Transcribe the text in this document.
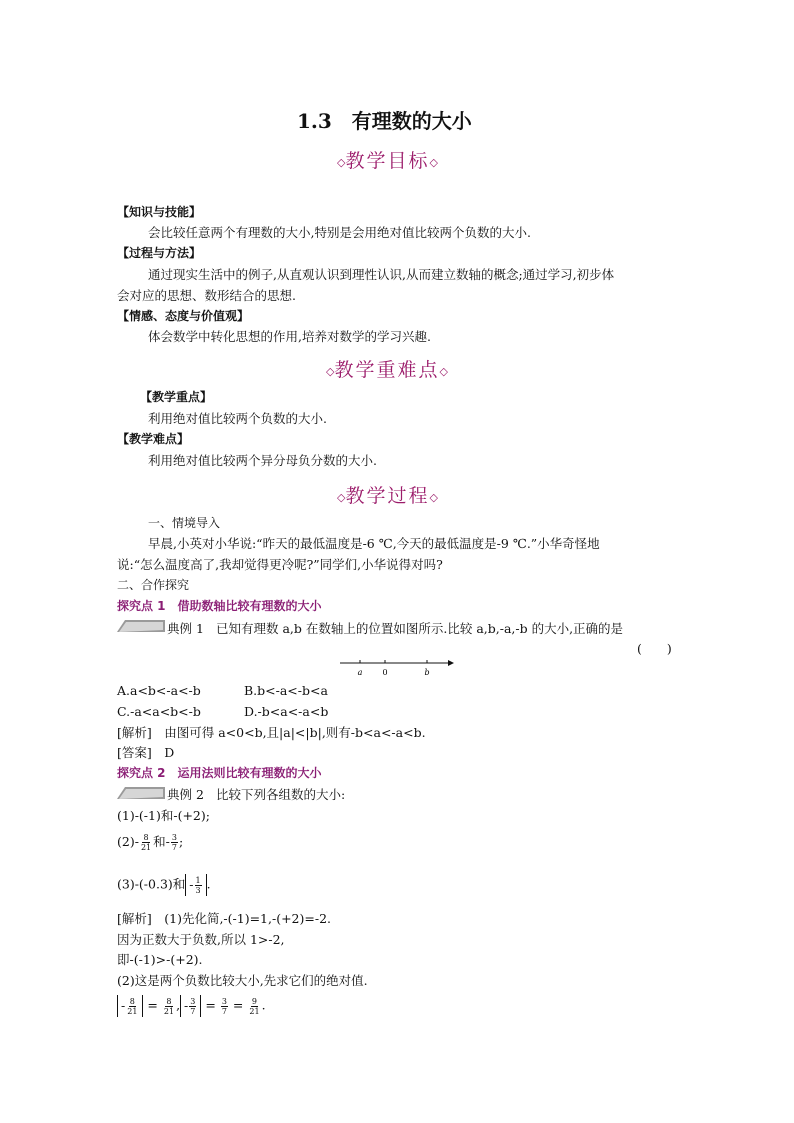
1.3　有理数的大小
◇教学目标◇
【知识与技能】
会比较任意两个有理数的大小,特别是会用绝对值比较两个负数的大小.
【过程与方法】
通过现实生活中的例子,从直观认识到理性认识,从而建立数轴的概念;通过学习,初步体
会对应的思想、数形结合的思想.
【情感、态度与价值观】
体会数学中转化思想的作用,培养对数学的学习兴趣.
◇教学重难点◇
【教学重点】
利用绝对值比较两个负数的大小.
【教学难点】
利用绝对值比较两个异分母负分数的大小.
◇教学过程◇
一、情境导入
早晨,小英对小华说:“昨天的最低温度是-6 ℃,今天的最低温度是-9 ℃.”小华奇怪地
说:“怎么温度高了,我却觉得更冷呢?”同学们,小华说得对吗?
二、合作探究
探究点 1　借助数轴比较有理数的大小
典例 1 已知有理数 a,b 在数轴上的位置如图所示.比较 a,b,-a,-b 的大小,正确的是
(　　)
a	0	b
A.a<b<-a<-b	B.b<-a<-b<a
C.-a<a<b<-b	D.-b<a<-a<b
[解析]　由图可得 a<0<b,且|a|<|b|,则有-b<a<-a<b.
[答案]　D
探究点 2　运用法则比较有理数的大小
典例 2 比较下列各组数的大小:
(1)-(-1)和-(+2);
$(2)- \frac{8}{21}$ 和- $\frac{3}{7}$ ;
(3)-(-0.3)和 - $\frac{1}{3}$ .
[解析]　(1)先化简,-(-1)=1,-(+2)=-2.
因为正数大于负数,所以 1>-2,
即-(-1)>-(+2).
(2)这是两个负数比较大小,先求它们的绝对值.
- $\frac{8}{21} = \frac{8}{21}$ , - $\frac{3}{7} = \frac{3}{7} = \frac{9}{21}$ .
